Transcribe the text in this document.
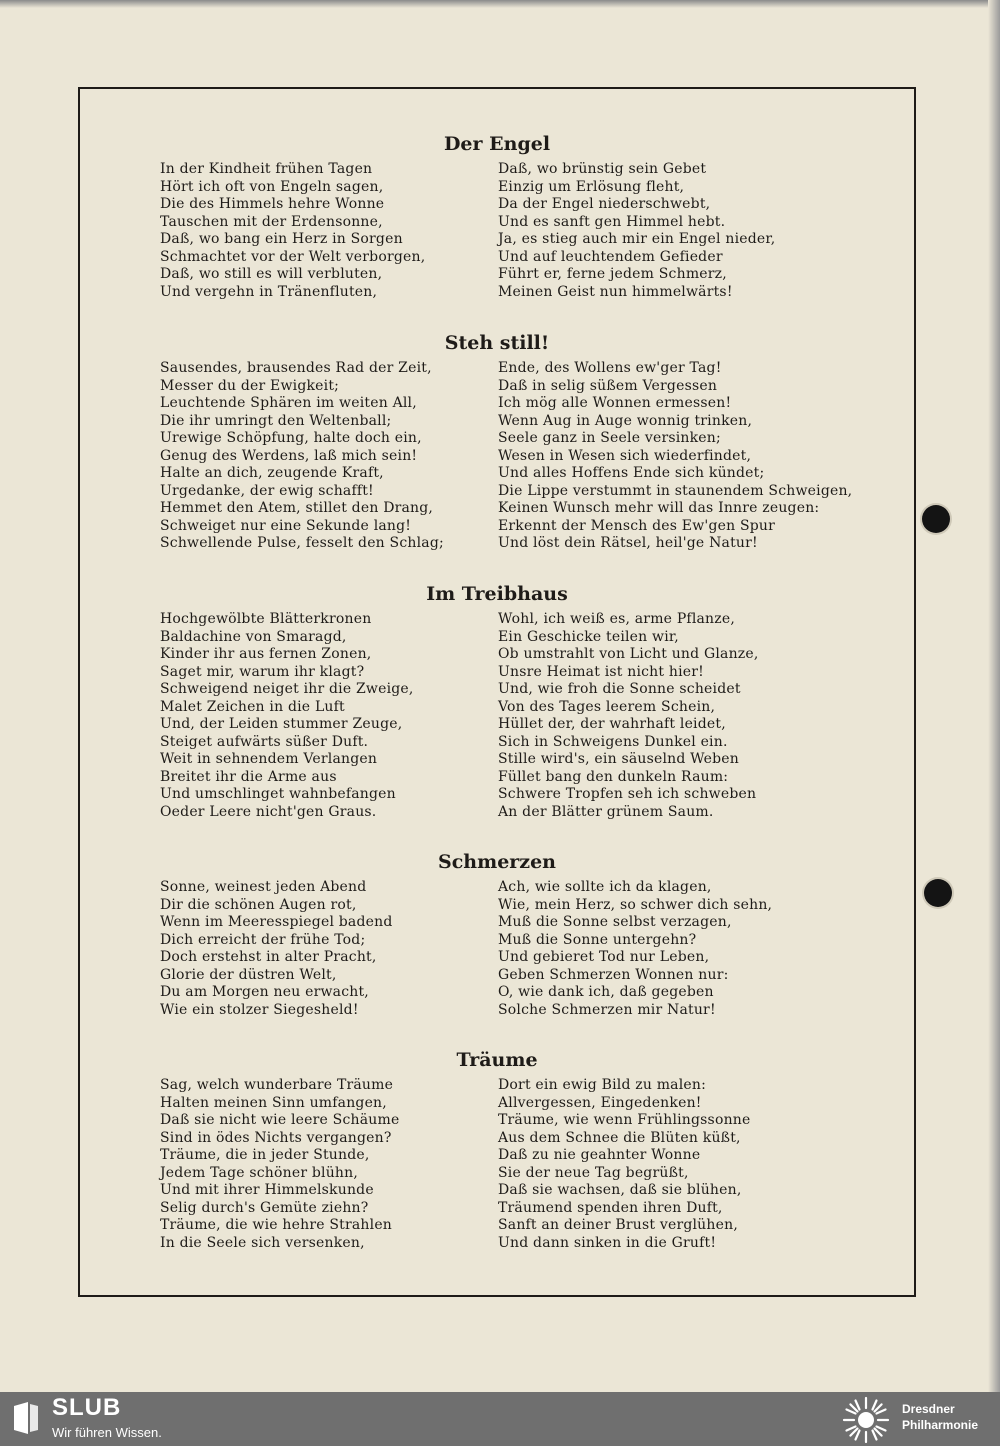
Der Engel
In der Kindheit frühen Tagen
Hört ich oft von Engeln sagen,
Die des Himmels hehre Wonne
Tauschen mit der Erdensonne,
Daß, wo bang ein Herz in Sorgen
Schmachtet vor der Welt verborgen,
Daß, wo still es will verbluten,
Und vergehn in Tränenfluten,
Daß, wo brünstig sein Gebet
Einzig um Erlösung fleht,
Da der Engel niederschwebt,
Und es sanft gen Himmel hebt.
Ja, es stieg auch mir ein Engel nieder,
Und auf leuchtendem Gefieder
Führt er, ferne jedem Schmerz,
Meinen Geist nun himmelwärts!
Steh still!
Sausendes, brausendes Rad der Zeit,
Messer du der Ewigkeit;
Leuchtende Sphären im weiten All,
Die ihr umringt den Weltenball;
Urewige Schöpfung, halte doch ein,
Genug des Werdens, laß mich sein!
Halte an dich, zeugende Kraft,
Urgedanke, der ewig schafft!
Hemmet den Atem, stillet den Drang,
Schweiget nur eine Sekunde lang!
Schwellende Pulse, fesselt den Schlag;
Ende, des Wollens ew'ger Tag!
Daß in selig süßem Vergessen
Ich mög alle Wonnen ermessen!
Wenn Aug in Auge wonnig trinken,
Seele ganz in Seele versinken;
Wesen in Wesen sich wiederfindet,
Und alles Hoffens Ende sich kündet;
Die Lippe verstummt in staunendem Schweigen,
Keinen Wunsch mehr will das Innre zeugen:
Erkennt der Mensch des Ew'gen Spur
Und löst dein Rätsel, heil'ge Natur!
Im Treibhaus
Hochgewölbte Blätterkronen
Baldachine von Smaragd,
Kinder ihr aus fernen Zonen,
Saget mir, warum ihr klagt?
Schweigend neiget ihr die Zweige,
Malet Zeichen in die Luft
Und, der Leiden stummer Zeuge,
Steiget aufwärts süßer Duft.
Weit in sehnendem Verlangen
Breitet ihr die Arme aus
Und umschlinget wahnbefangen
Oeder Leere nicht'gen Graus.
Wohl, ich weiß es, arme Pflanze,
Ein Geschicke teilen wir,
Ob umstrahlt von Licht und Glanze,
Unsre Heimat ist nicht hier!
Und, wie froh die Sonne scheidet
Von des Tages leerem Schein,
Hüllet der, der wahrhaft leidet,
Sich in Schweigens Dunkel ein.
Stille wird's, ein säuselnd Weben
Füllet bang den dunkeln Raum:
Schwere Tropfen seh ich schweben
An der Blätter grünem Saum.
Schmerzen
Sonne, weinest jeden Abend
Dir die schönen Augen rot,
Wenn im Meeresspiegel badend
Dich erreicht der frühe Tod;
Doch erstehst in alter Pracht,
Glorie der düstren Welt,
Du am Morgen neu erwacht,
Wie ein stolzer Siegesheld!
Ach, wie sollte ich da klagen,
Wie, mein Herz, so schwer dich sehn,
Muß die Sonne selbst verzagen,
Muß die Sonne untergehn?
Und gebieret Tod nur Leben,
Geben Schmerzen Wonnen nur:
O, wie dank ich, daß gegeben
Solche Schmerzen mir Natur!
Träume
Sag, welch wunderbare Träume
Halten meinen Sinn umfangen,
Daß sie nicht wie leere Schäume
Sind in ödes Nichts vergangen?
Träume, die in jeder Stunde,
Jedem Tage schöner blühn,
Und mit ihrer Himmelskunde
Selig durch's Gemüte ziehn?
Träume, die wie hehre Strahlen
In die Seele sich versenken,
Dort ein ewig Bild zu malen:
Allvergessen, Eingedenken!
Träume, wie wenn Frühlingssonne
Aus dem Schnee die Blüten küßt,
Daß zu nie geahnter Wonne
Sie der neue Tag begrüßt,
Daß sie wachsen, daß sie blühen,
Träumend spenden ihren Duft,
Sanft an deiner Brust verglühen,
Und dann sinken in die Gruft!
SLUB
Wir führen Wissen.
Dresdner
Philharmonie
